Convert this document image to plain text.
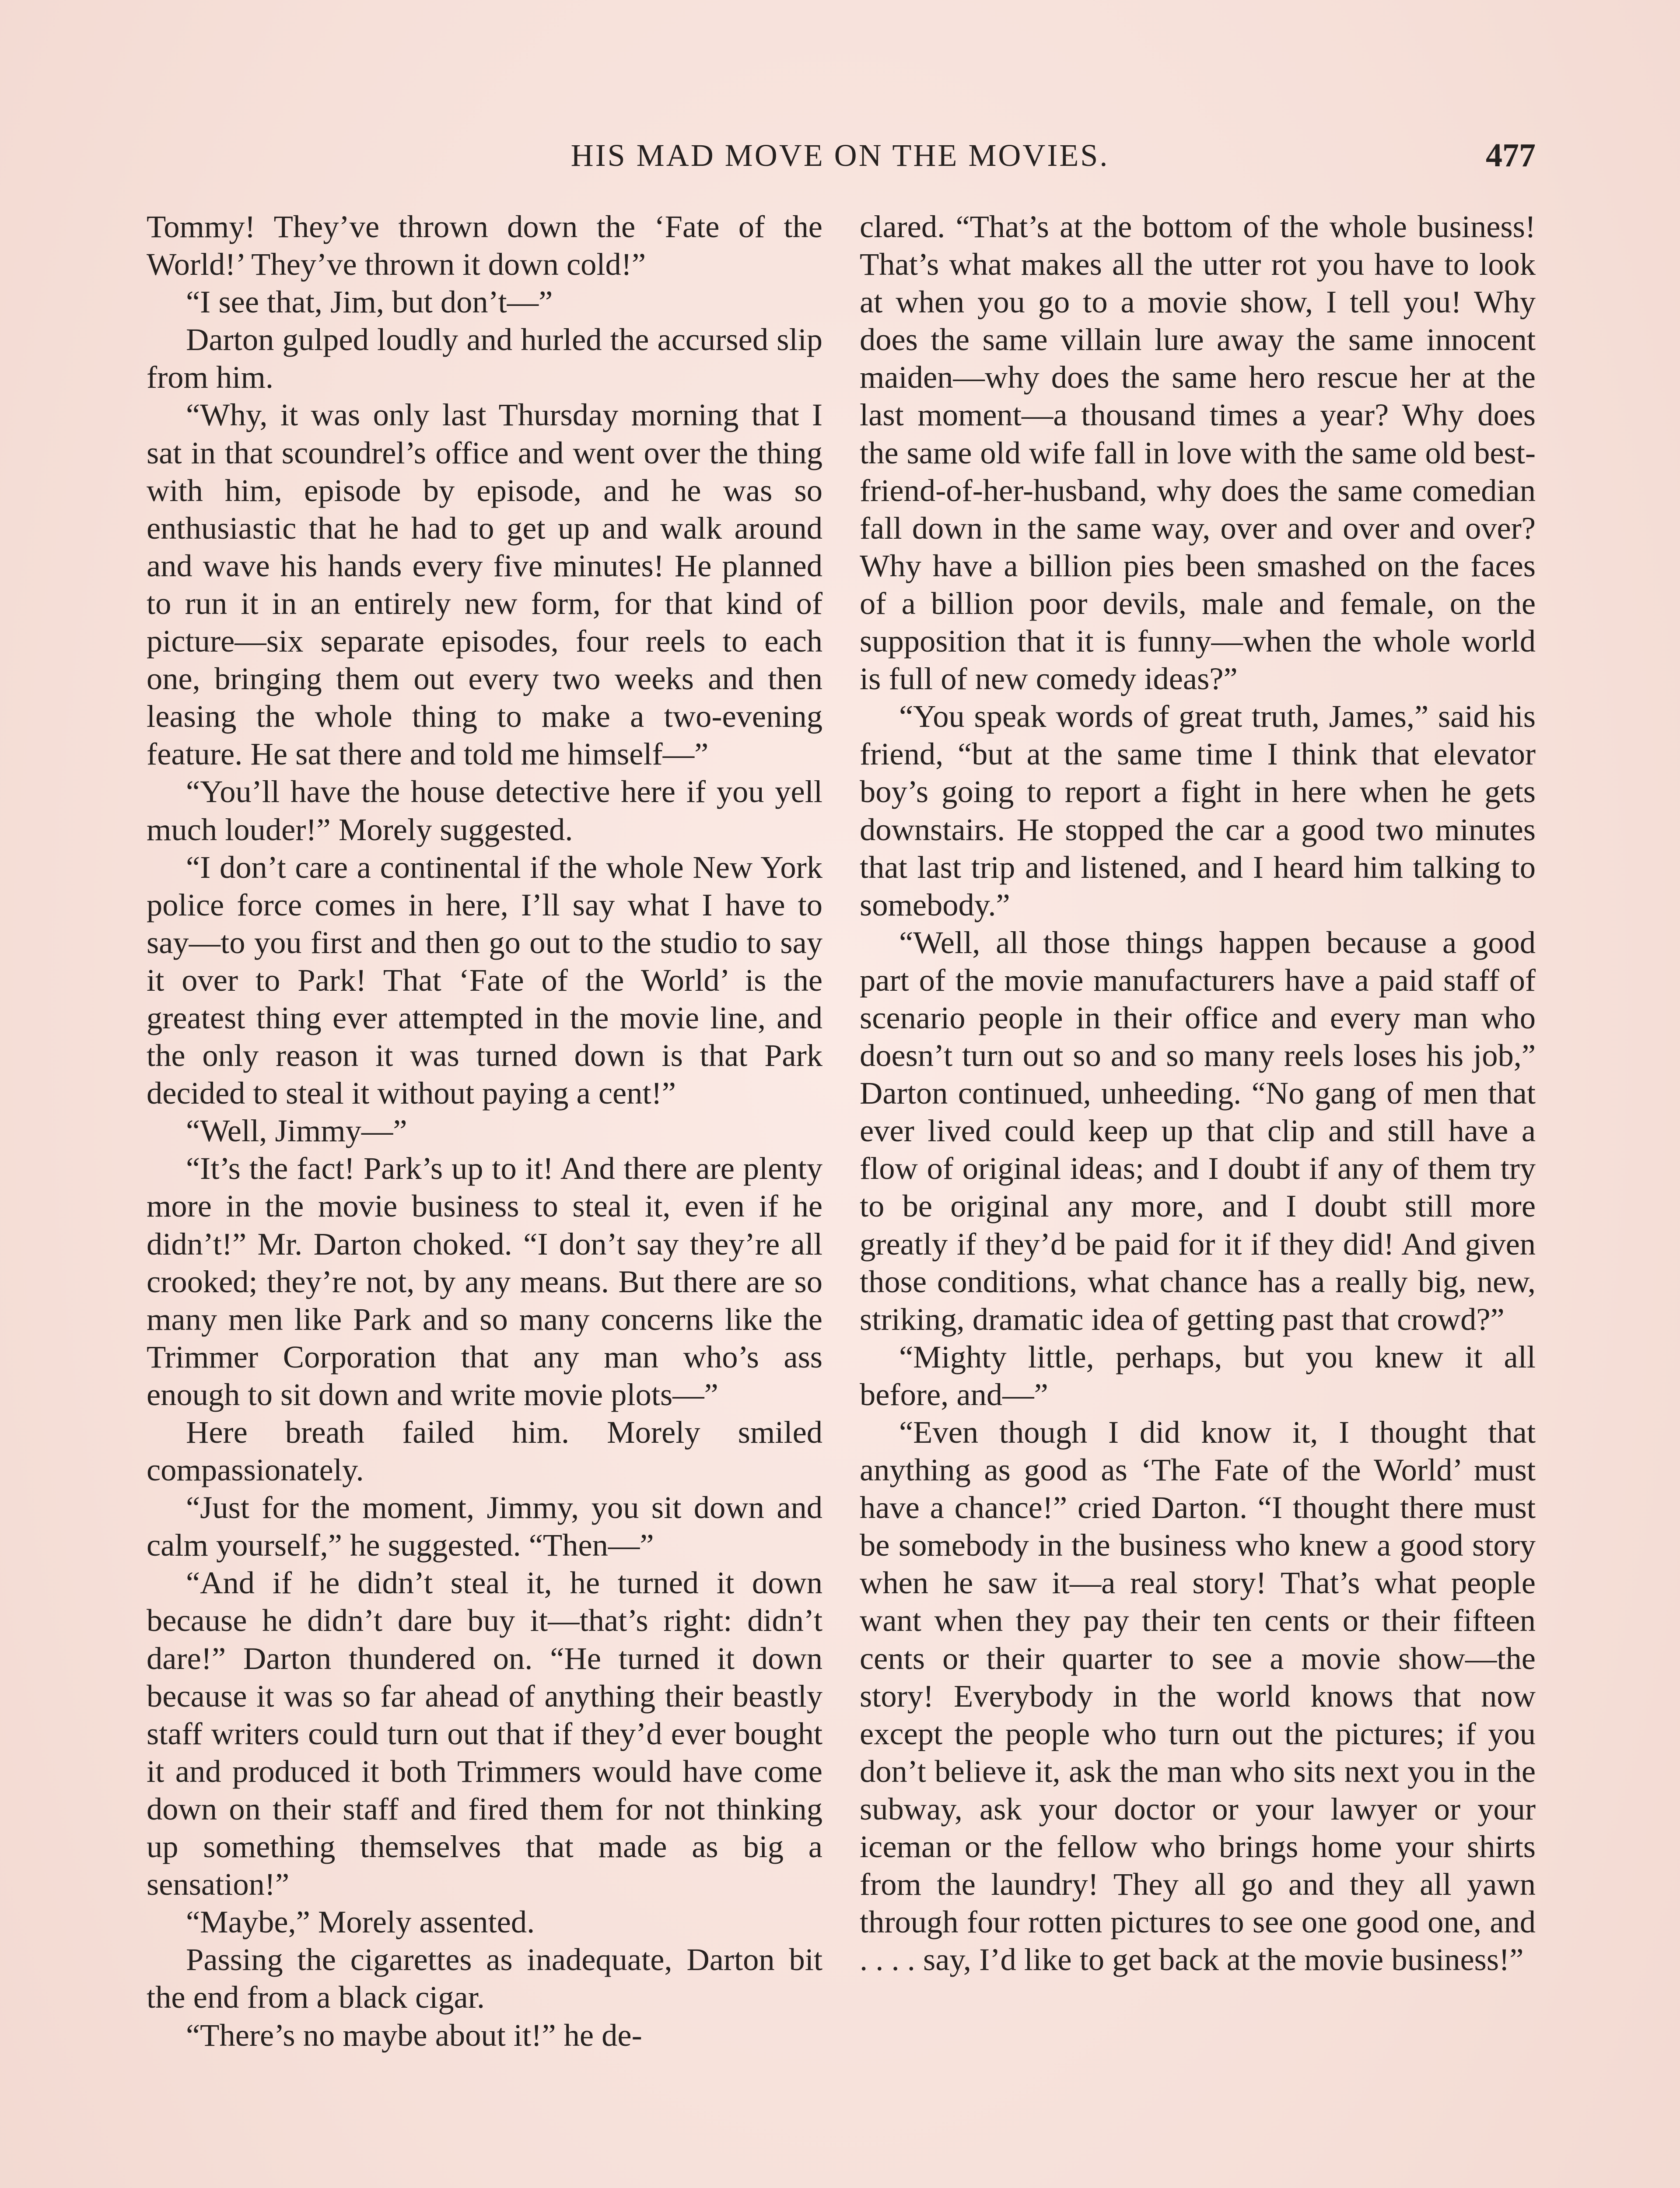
HIS MAD MOVE ON THE MOVIES.	477

Tommy! They’ve thrown down the ‘Fate of the World!’ They’ve thrown it down cold!”

“I see that, Jim, but don’t—”

Darton gulped loudly and hurled the accursed slip from him.

“Why, it was only last Thursday morning that I sat in that scoundrel’s office and went over the thing with him, episode by episode, and he was so enthusiastic that he had to get up and walk around and wave his hands every five minutes! He planned to run it in an entirely new form, for that kind of picture—six separate episodes, four reels to each one, bringing them out every two weeks and then leasing the whole thing to make a two-evening feature. He sat there and told me himself—”

“You’ll have the house detective here if you yell much louder!” Morely suggested.

“I don’t care a continental if the whole New York police force comes in here, I’ll say what I have to say—to you first and then go out to the studio to say it over to Park! That ‘Fate of the World’ is the greatest thing ever attempted in the movie line, and the only reason it was turned down is that Park decided to steal it without paying a cent!”

“Well, Jimmy—”

“It’s the fact! Park’s up to it! And there are plenty more in the movie business to steal it, even if he didn’t!” Mr. Darton choked. “I don’t say they’re all crooked; they’re not, by any means. But there are so many men like Park and so many concerns like the Trimmer Corporation that any man who’s ass enough to sit down and write movie plots—”

Here breath failed him. Morely smiled compassionately.

“Just for the moment, Jimmy, you sit down and calm yourself,” he suggested. “Then—”

“And if he didn’t steal it, he turned it down because he didn’t dare buy it—that’s right: didn’t dare!” Darton thundered on. “He turned it down because it was so far ahead of anything their beastly staff writers could turn out that if they’d ever bought it and produced it both Trimmers would have come down on their staff and fired them for not thinking up something themselves that made as big a sensation!”

“Maybe,” Morely assented.

Passing the cigarettes as inadequate, Darton bit the end from a black cigar.

“There’s no maybe about it!” he de-

clared. “That’s at the bottom of the whole business! That’s what makes all the utter rot you have to look at when you go to a movie show, I tell you! Why does the same villain lure away the same innocent maiden—why does the same hero rescue her at the last moment—a thousand times a year? Why does the same old wife fall in love with the same old best-friend-of-her-husband, why does the same comedian fall down in the same way, over and over and over? Why have a billion pies been smashed on the faces of a billion poor devils, male and female, on the supposition that it is funny—when the whole world is full of new comedy ideas?”

“You speak words of great truth, James,” said his friend, “but at the same time I think that elevator boy’s going to report a fight in here when he gets downstairs. He stopped the car a good two minutes that last trip and listened, and I heard him talking to somebody.”

“Well, all those things happen because a good part of the movie manufacturers have a paid staff of scenario people in their office and every man who doesn’t turn out so and so many reels loses his job,” Darton continued, unheeding. “No gang of men that ever lived could keep up that clip and still have a flow of original ideas; and I doubt if any of them try to be original any more, and I doubt still more greatly if they’d be paid for it if they did! And given those conditions, what chance has a really big, new, striking, dramatic idea of getting past that crowd?”

“Mighty little, perhaps, but you knew it all before, and—”

“Even though I did know it, I thought that anything as good as ‘The Fate of the World’ must have a chance!” cried Darton. “I thought there must be somebody in the business who knew a good story when he saw it—a real story! That’s what people want when they pay their ten cents or their fifteen cents or their quarter to see a movie show—the story! Everybody in the world knows that now except the people who turn out the pictures; if you don’t believe it, ask the man who sits next you in the subway, ask your doctor or your lawyer or your iceman or the fellow who brings home your shirts from the laundry! They all go and they all yawn through four rotten pictures to see one good one, and . . . . say, I’d like to get back at the movie business!”
